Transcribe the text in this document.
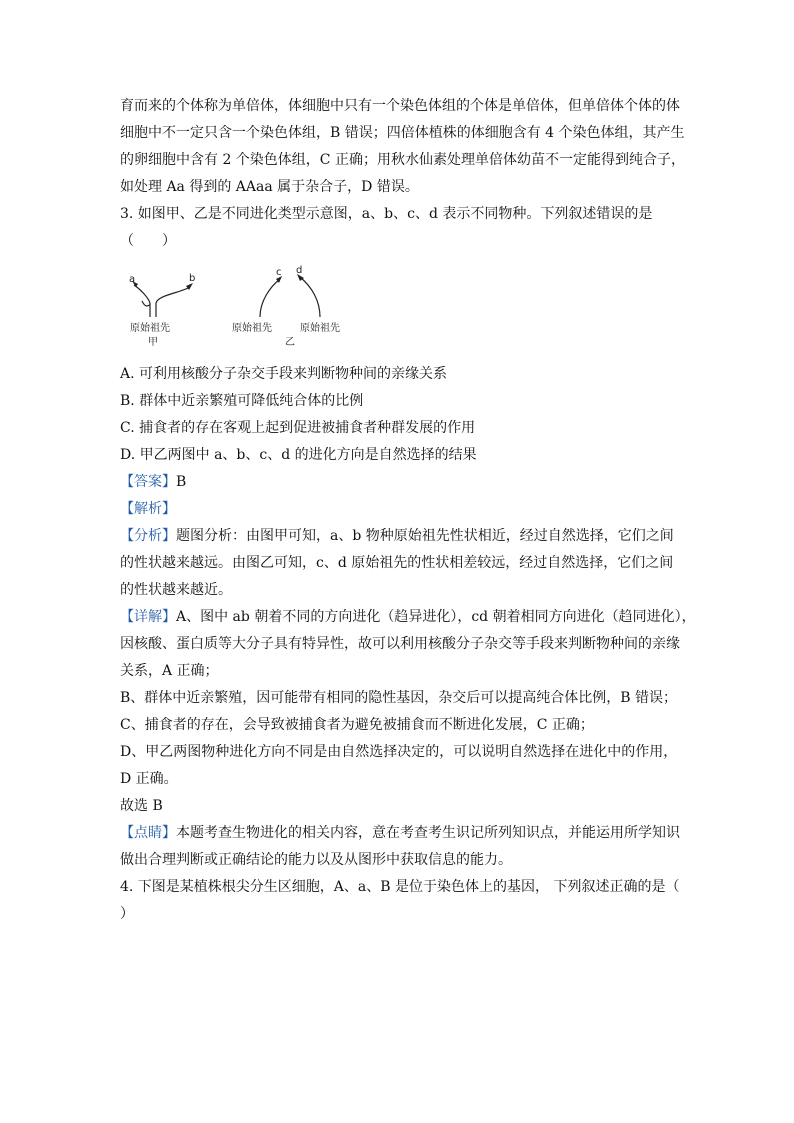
育而来的个体称为单倍体，体细胞中只有一个染色体组的个体是单倍体，但单倍体个体的体
细胞中不一定只含一个染色体组，B 错误；四倍体植株的体细胞含有 4 个染色体组，其产生
的卵细胞中含有 2 个染色体组，C 正确；用秋水仙素处理单倍体幼苗不一定能得到纯合子，
如处理 Aa 得到的 AAaa 属于杂合子，D 错误。
3. 如图甲、乙是不同进化类型示意图，a、b、c、d 表示不同物种。下列叙述错误的是
（　　）
a	b
原始祖先
甲
c d
原始祖先	原始祖先
乙
A. 可利用核酸分子杂交手段来判断物种间的亲缘关系
B. 群体中近亲繁殖可降低纯合体的比例
C. 捕食者的存在客观上起到促进被捕食者种群发展的作用
D. 甲乙两图中 a、b、c、d 的进化方向是自然选择的结果
【答案】B
【解析】
【分析】题图分析：由图甲可知，a、b 物种原始祖先性状相近，经过自然选择，它们之间
的性状越来越远。由图乙可知，c、d 原始祖先的性状相差较远，经过自然选择，它们之间
的性状越来越近。
【详解】A、图中 ab 朝着不同的方向进化（趋异进化），cd 朝着相同方向进化（趋同进化），
因核酸、蛋白质等大分子具有特异性，故可以利用核酸分子杂交等手段来判断物种间的亲缘
关系，A 正确；
B、群体中近亲繁殖，因可能带有相同的隐性基因，杂交后可以提高纯合体比例，B 错误；
C、捕食者的存在，会导致被捕食者为避免被捕食而不断进化发展，C 正确；
D、甲乙两图物种进化方向不同是由自然选择决定的，可以说明自然选择在进化中的作用，
D 正确。
故选 B
【点睛】本题考查生物进化的相关内容，意在考查考生识记所列知识点，并能运用所学知识
做出合理判断或正确结论的能力以及从图形中获取信息的能力。
4. 下图是某植株根尖分生区细胞，A、a、B 是位于染色体上的基因， 下列叙述正确的是（
）
